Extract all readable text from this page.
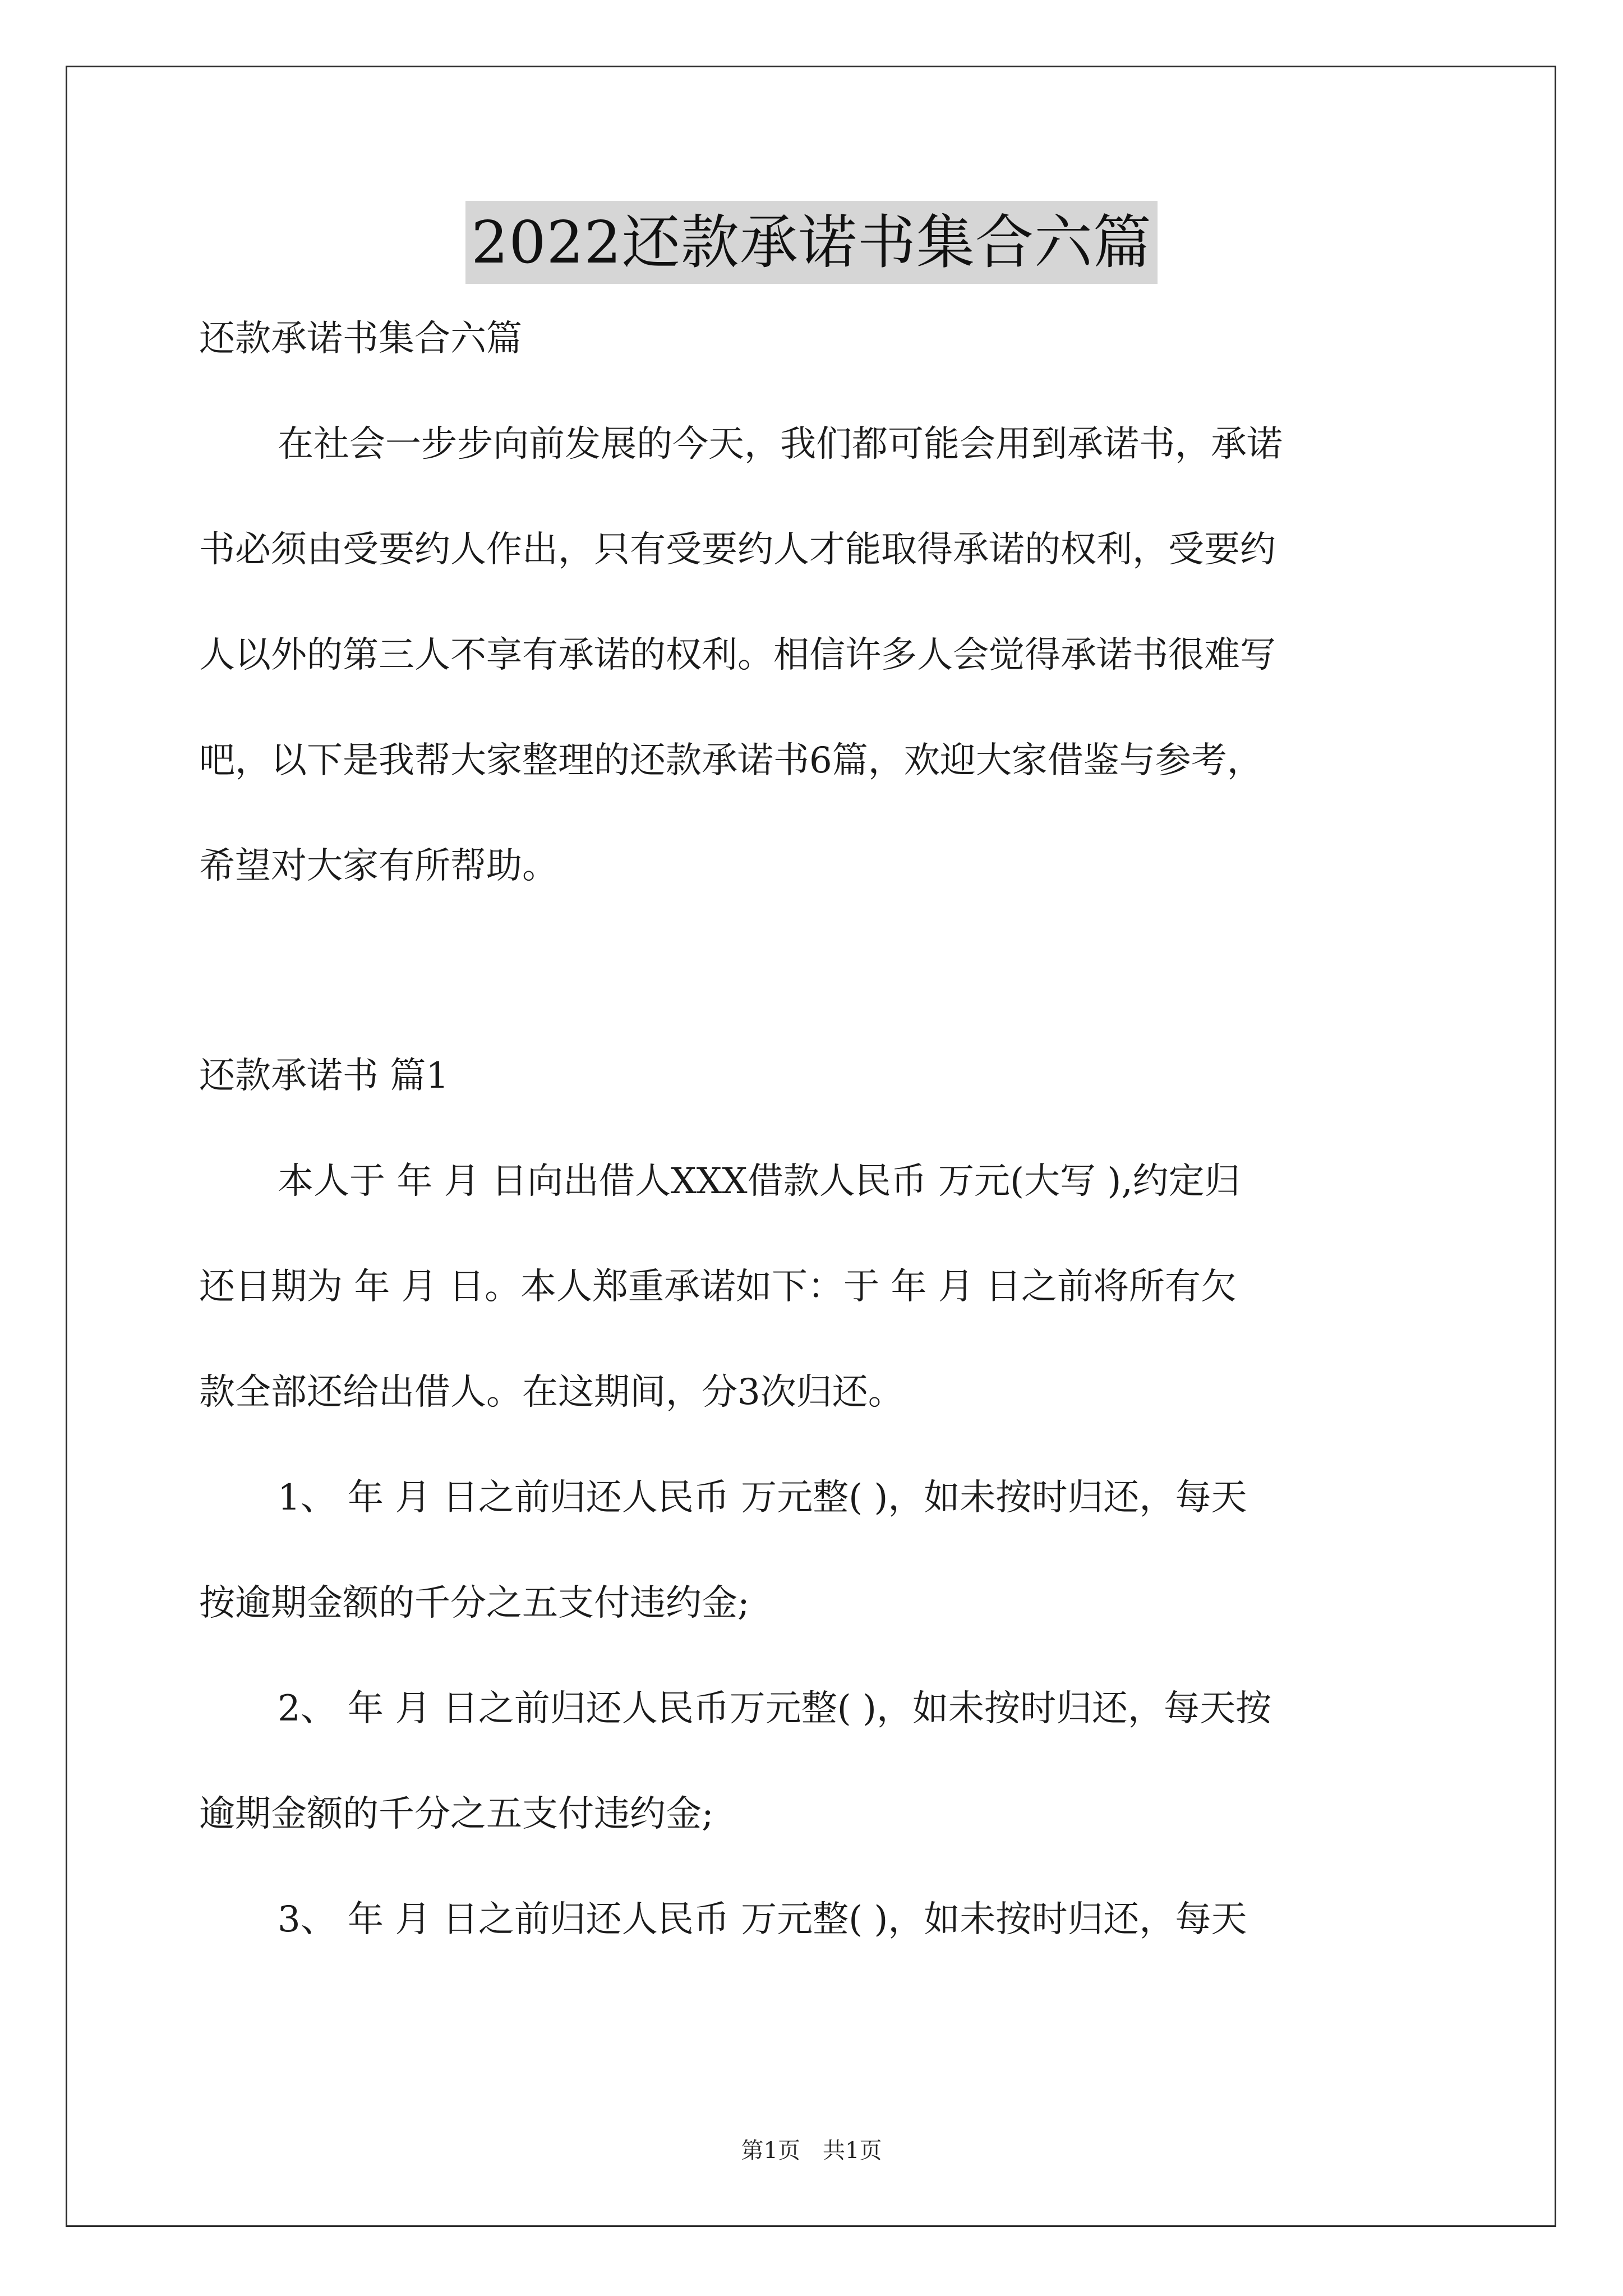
2022还款承诺书集合六篇
还款承诺书集合六篇
在社会一步步向前发展的今天，我们都可能会用到承诺书，承诺
书必须由受要约人作出，只有受要约人才能取得承诺的权利，受要约
人以外的第三人不享有承诺的权利。相信许多人会觉得承诺书很难写
吧，以下是我帮大家整理的还款承诺书6篇，欢迎大家借鉴与参考，
希望对大家有所帮助。
还款承诺书 篇1
本人于 年 月 日向出借人XXX借款人民币 万元(大写 ),约定归
还日期为 年 月 日。本人郑重承诺如下：于 年 月 日之前将所有欠
款全部还给出借人。在这期间，分3次归还。
1、 年 月 日之前归还人民币 万元整( )，如未按时归还，每天
按逾期金额的千分之五支付违约金;
2、 年 月 日之前归还人民币万元整( )，如未按时归还，每天按
逾期金额的千分之五支付违约金;
3、 年 月 日之前归还人民币 万元整( )，如未按时归还，每天
第1页　共1页
